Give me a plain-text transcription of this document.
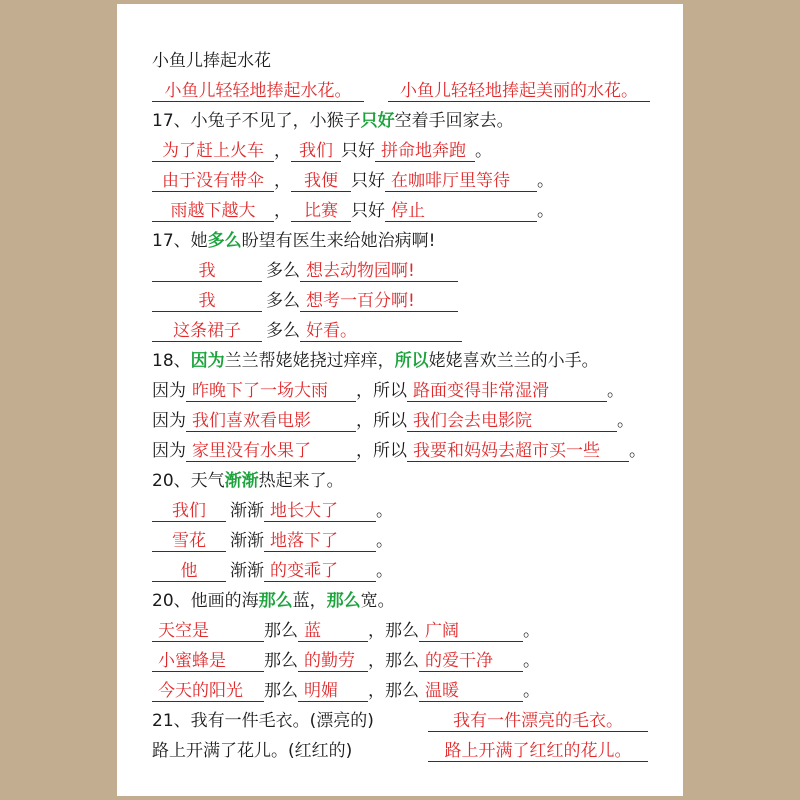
小鱼儿捧起水花
小鱼儿轻轻地捧起水花。	小鱼儿轻轻地捧起美丽的水花。
17、小兔子不见了，小猴子只好空着手回家去。
为了赶上火车 ， 我们 只好 拼命地奔跑 。
由于没有带伞 ， 我便 只好 在咖啡厅里等待 。
雨越下越大 ， 比赛 只好 停止	。
17、她多么盼望有医生来给她治病啊!
我	多么 想去动物园啊!
我	多么 想考一百分啊!
这条裙子 多么 好看。
18、因为兰兰帮姥姥挠过痒痒，所以姥姥喜欢兰兰的小手。
因为 昨晚下了一场大雨 ，所以 路面变得非常湿滑	。
因为 我们喜欢看电影	，所以 我们会去电影院	。
因为 家里没有水果了	，所以 我要和妈妈去超市买一些 。
20、天气渐渐热起来了。
我们 渐渐 地长大了 。
雪花 渐渐 地落下了 。
他 渐渐 的变乖了 。
20、他画的海那么蓝，那么宽。
天空是	那么 蓝	，那么 广阔	。
小蜜蜂是 那么 的勤劳 ，那么 的爱干净 。
今天的阳光 那么 明媚 ，那么 温暖	。
21、我有一件毛衣。(漂亮的)	我有一件漂亮的毛衣。
路上开满了花儿。(红红的)	路上开满了红红的花儿。
